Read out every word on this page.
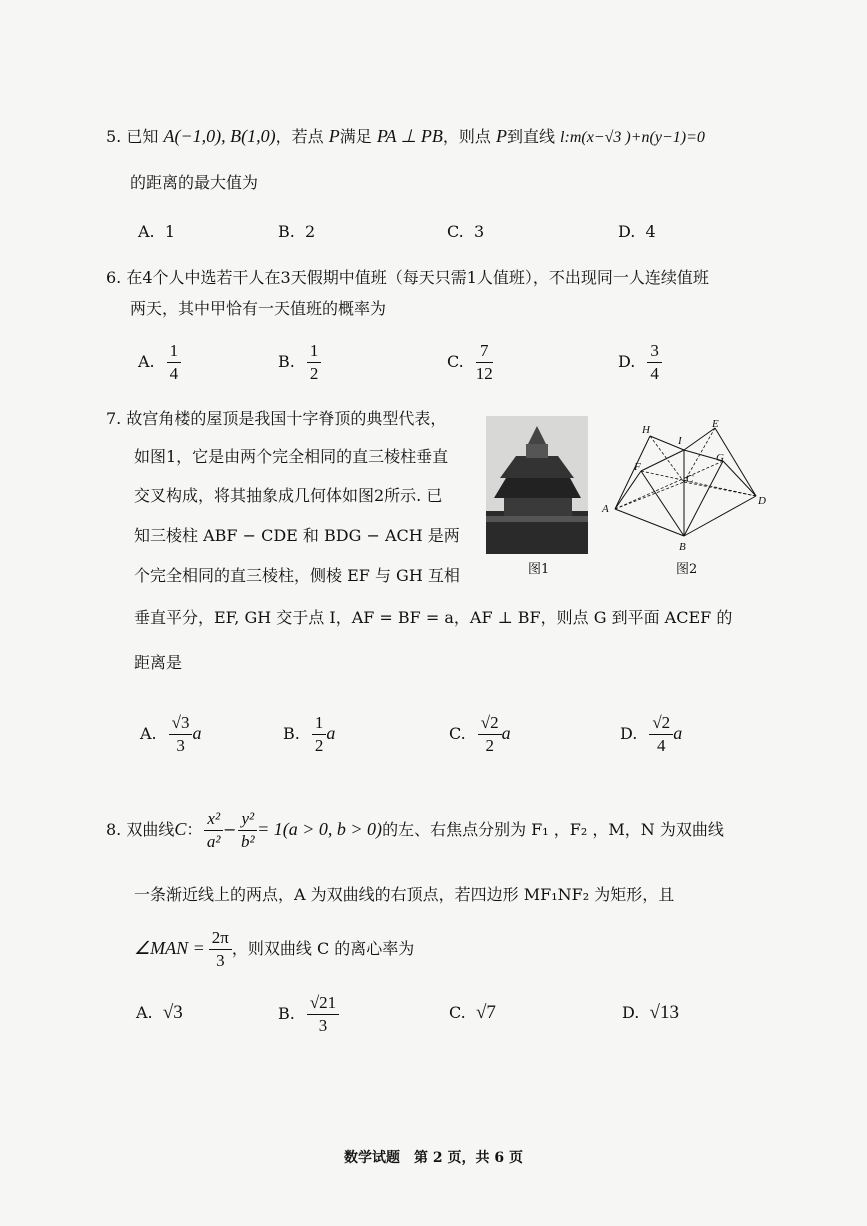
5. 已知 A(−1,0), B(1,0)，若点 P满足 PA ⊥ PB，则点 P到直线 l:m(x−√3 )+n(y−1)=0
的距离的最大值为
A. 1	B. 2	C. 3	D. 4
6. 在4个人中选若干人在3天假期中值班（每天只需1人值班），不出现同一人连续值班
两天，其中甲恰有一天值班的概率为
A. $\frac{1}{4}$	B. $\frac{1}{2}$	C. $\frac{7}{12}$	D. $\frac{3}{4}$
7. 故宫角楼的屋顶是我国十字脊顶的典型代表，
如图1，它是由两个完全相同的直三棱柱垂直
交叉构成，将其抽象成几何体如图2所示. 已
知三棱柱 ABF − CDE 和 BDG − ACH 是两
个完全相同的直三棱柱，侧棱 EF 与 GH 互相
垂直平分，EF, GH 交于点 I，AF = BF = a，AF ⊥ BF，则点 G 到平面 ACEF 的
距离是
图1
H
I
E
F
G
C
A
D
B
图2
A. $\frac{√3}{3}$ a	B. $\frac{1}{2}$ a	C. $\frac{√2}{2}$ a	D. $\frac{√2}{4}$ a
8. 双曲线C： $\frac{\text{x²}}{\text{a²}} - \frac{\text{y²}}{\text{b²}} = 1(a > 0$, b > 0)的左、右焦点分别为 F₁ ，F₂ ，M，N 为双曲线
一条渐近线上的两点，A 为双曲线的右顶点，若四边形 MF₁NF₂ 为矩形，且
∠MAN = $\frac{2\pi}{3}$ ，则双曲线 C 的离心率为
A. √3	B. $\frac{√21}{3}$	C. √7	D. √13
数学试题　第 2 页，共 6 页
